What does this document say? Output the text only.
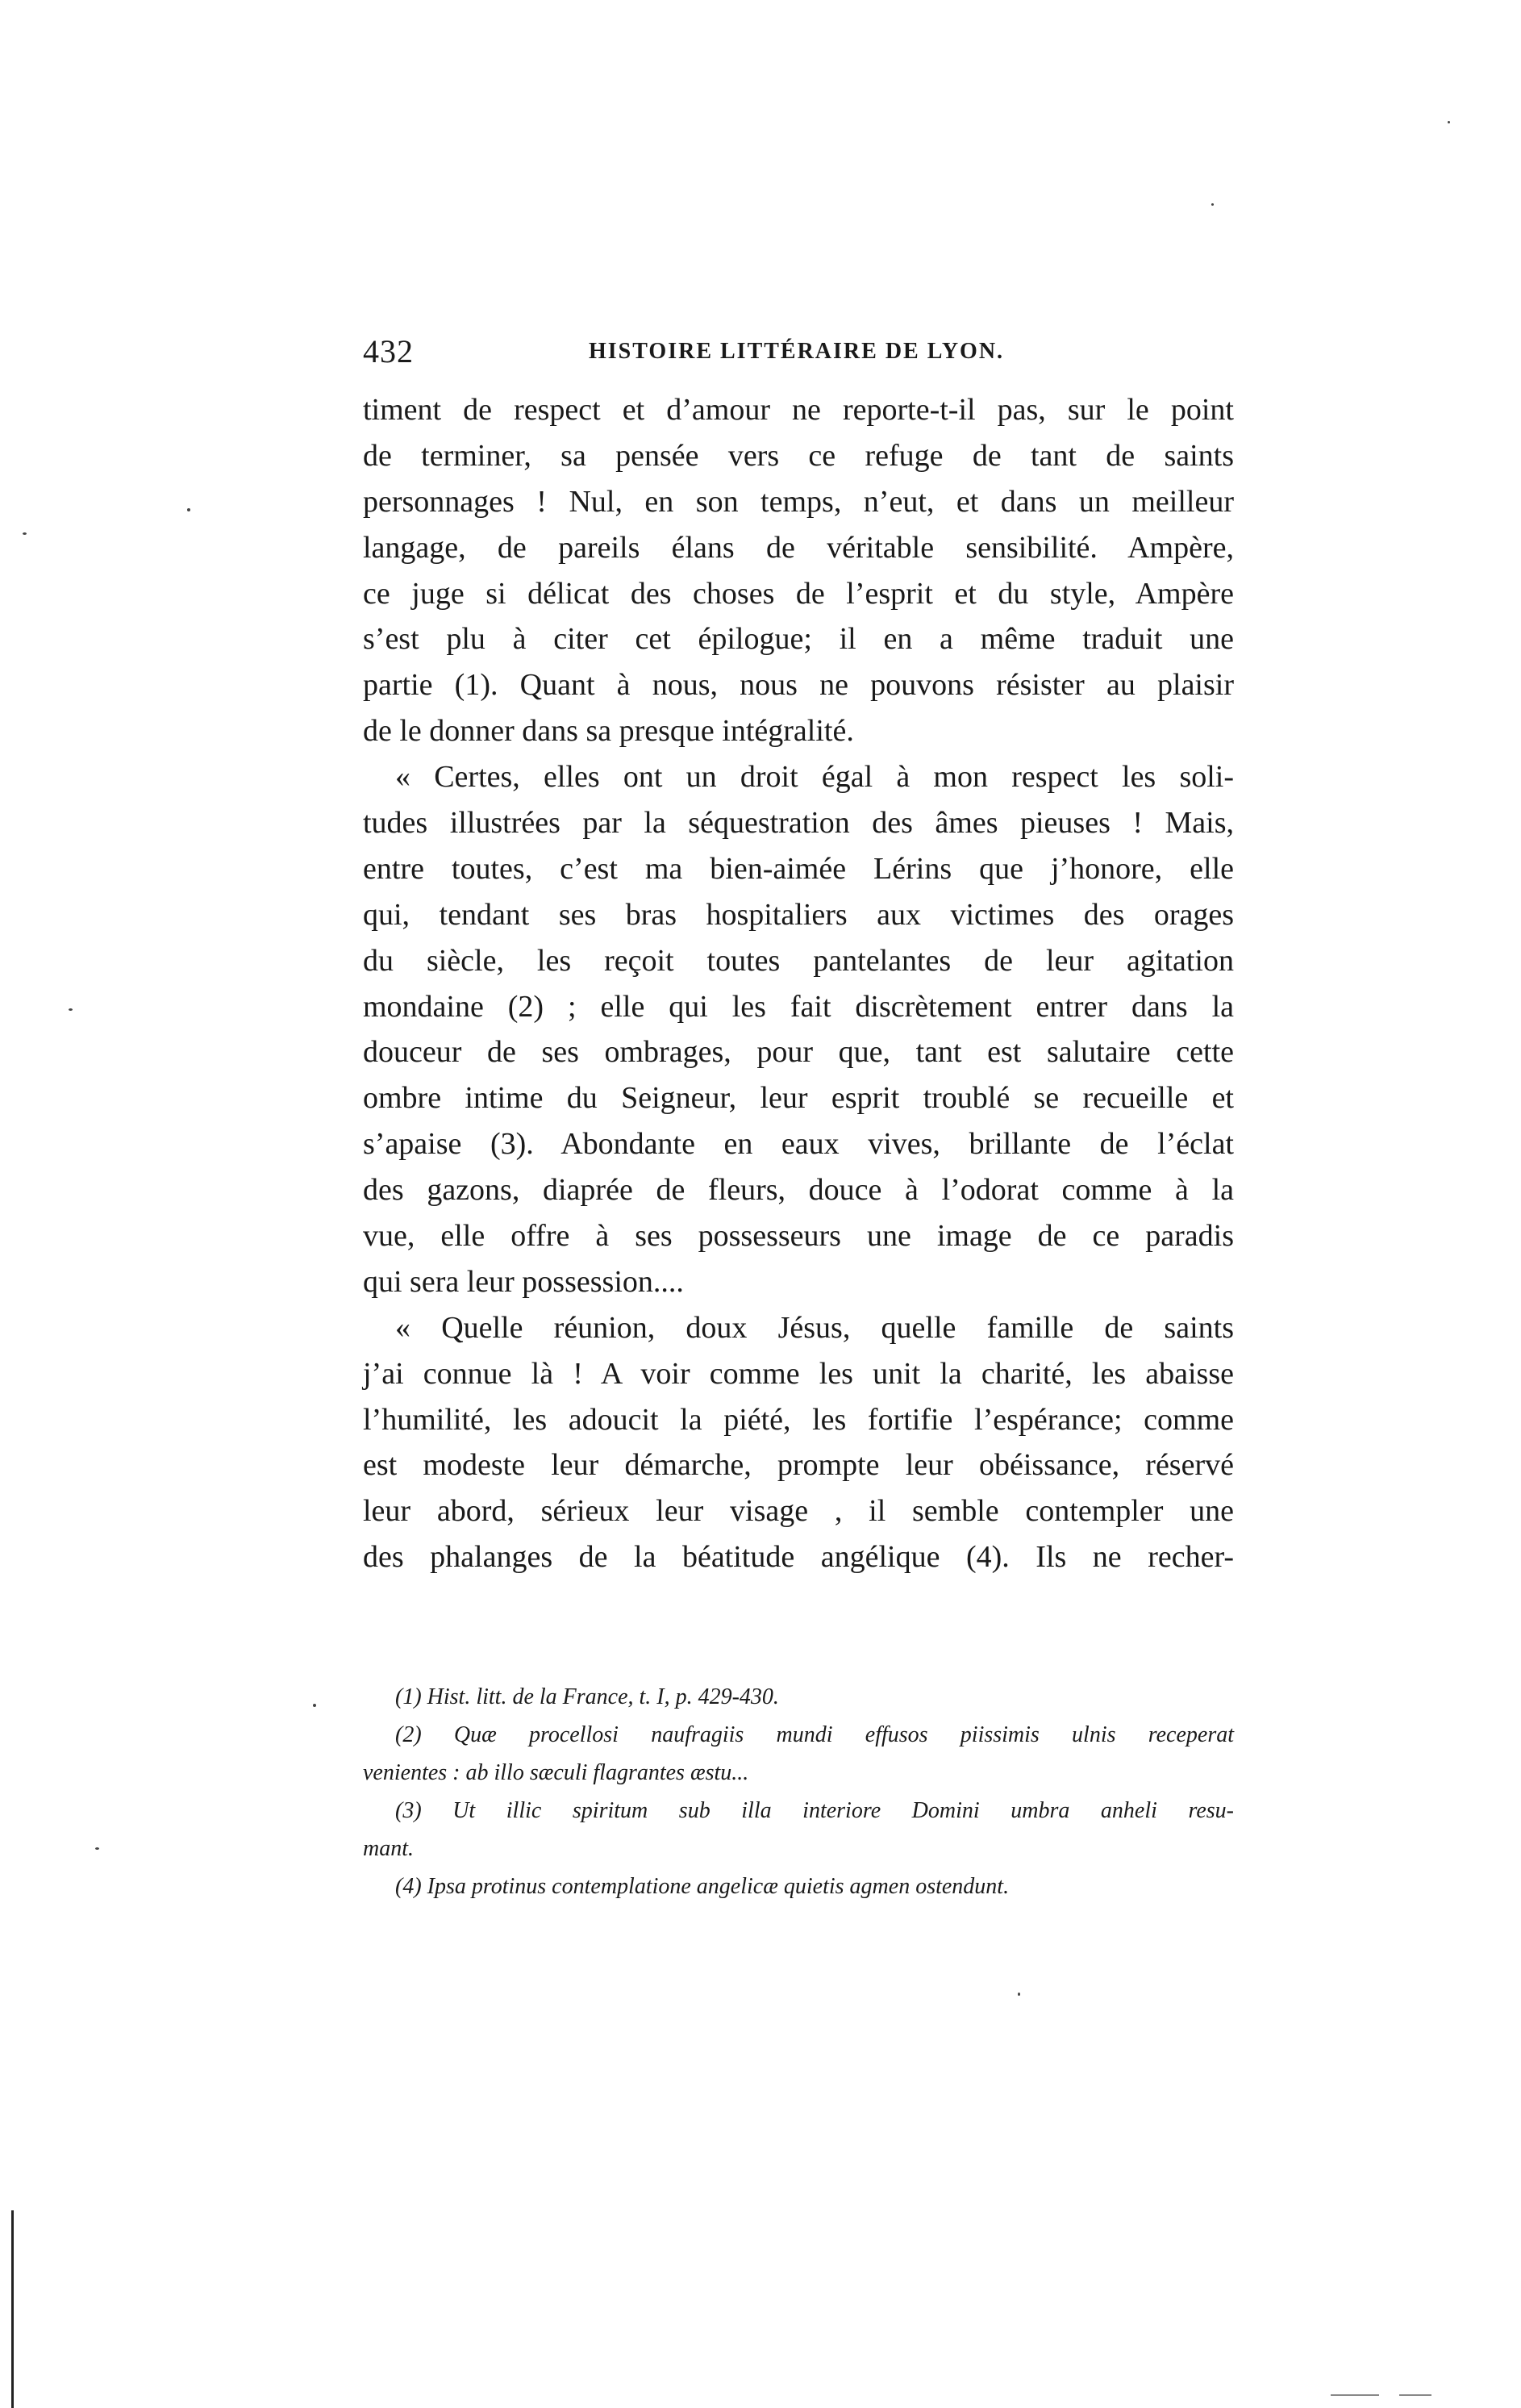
432	HISTOIRE LITTÉRAIRE DE LYON.
timent de respect et d’amour ne reporte-t-il pas, sur le point
de terminer, sa pensée vers ce refuge de tant de saints
personnages ! Nul, en son temps, n’eut, et dans un meilleur
langage, de pareils élans de véritable sensibilité. Ampère,
ce juge si délicat des choses de l’esprit et du style, Ampère
s’est plu à citer cet épilogue; il en a même traduit une
partie (1). Quant à nous, nous ne pouvons résister au plaisir
de le donner dans sa presque intégralité.
« Certes, elles ont un droit égal à mon respect les soli-
tudes illustrées par la séquestration des âmes pieuses ! Mais,
entre toutes, c’est ma bien-aimée Lérins que j’honore, elle
qui, tendant ses bras hospitaliers aux victimes des orages
du siècle, les reçoit toutes pantelantes de leur agitation
mondaine (2) ; elle qui les fait discrètement entrer dans la
douceur de ses ombrages, pour que, tant est salutaire cette
ombre intime du Seigneur, leur esprit troublé se recueille et
s’apaise (3). Abondante en eaux vives, brillante de l’éclat
des gazons, diaprée de fleurs, douce à l’odorat comme à la
vue, elle offre à ses possesseurs une image de ce paradis
qui sera leur possession....
« Quelle réunion, doux Jésus, quelle famille de saints
j’ai connue là ! A voir comme les unit la charité, les abaisse
l’humilité, les adoucit la piété, les fortifie l’espérance; comme
est modeste leur démarche, prompte leur obéissance, réservé
leur abord, sérieux leur visage , il semble contempler une
des phalanges de la béatitude angélique (4). Ils ne recher-
(1) Hist. litt. de la France, t. I, p. 429-430.
(2) Quæ procellosi naufragiis mundi effusos piissimis ulnis receperat
venientes : ab illo sæculi flagrantes æstu...
(3) Ut illic spiritum sub illa interiore Domini umbra anheli resu-
mant.
(4) Ipsa protinus contemplatione angelicæ quietis agmen ostendunt.
